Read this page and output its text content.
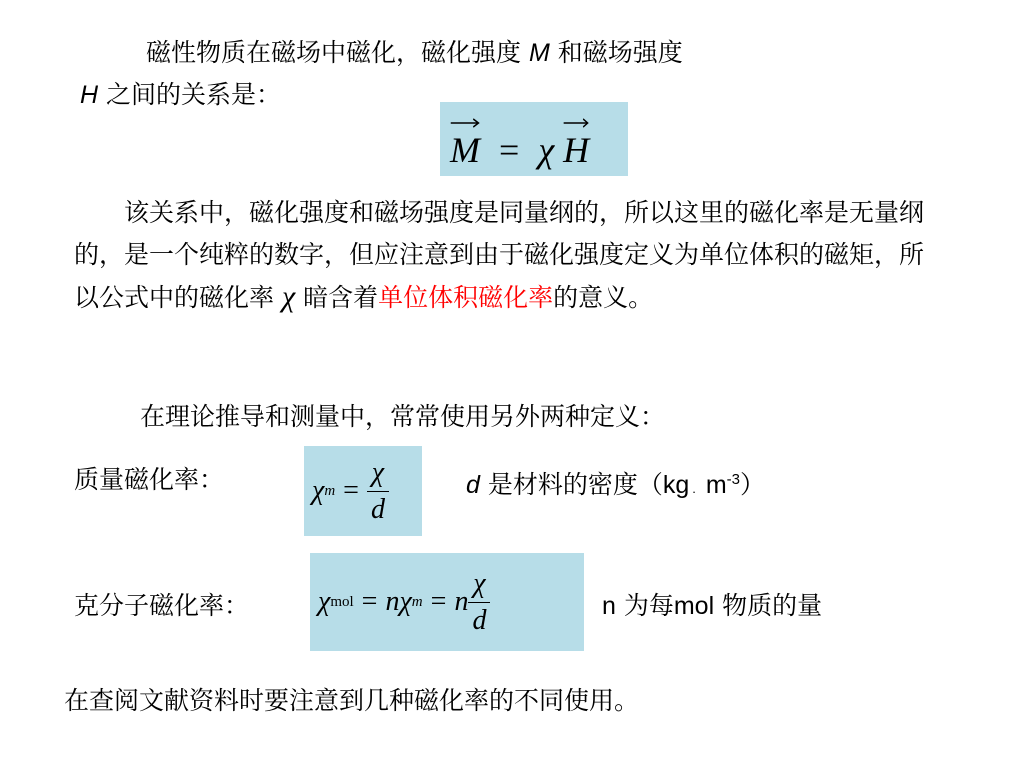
磁性物质在磁场中磁化，磁化强度 M 和磁场强度
H 之间的关系是：
M = χ H
　　该关系中，磁化强度和磁场强度是同量纲的，所以这里的磁化率是无量纲的，是一个纯粹的数字，但应注意到由于磁化强度定义为单位体积的磁矩，所以公式中的磁化率 χ 暗含着单位体积磁化率的意义。
在理论推导和测量中，常常使用另外两种定义：
质量磁化率：	χ $m = \frac{\chi}{d}$	d 是材料的密度（kg . $m^{-3}$）
克分子磁化率： χ mol = n χ m = n $\frac{\chi}{d}$	n 为每mol 物质的量
在查阅文献资料时要注意到几种磁化率的不同使用。
